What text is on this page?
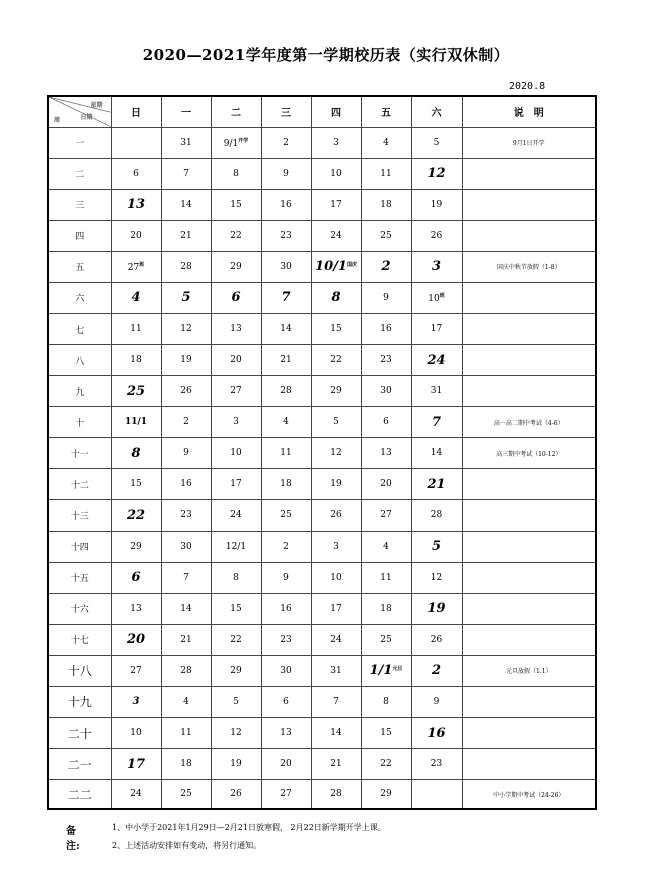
2020—2021学年度第一学期校历表（实行双休制）
2020.8
星期
日期
周	日	一	二	三	四	五	六	说　明
一		31	$9/1^{开学}$	2	3	4	5	9月1日开学
二	6	7	8	9	10	11	12	
三	13	14	15	16	17	18	19	
四	20	21	22	23	24	25	26	
五	$27^班$	28	29	30	$10/1^{国庆}$	2	3	国庆中秋节放假（1-8）
六	4	5	6	7	8	9	$10^班$	
七	11	12	13	14	15	16	17	
八	18	19	20	21	22	23	24	
九	25	26	27	28	29	30	31	
十	11/1	2	3	4	5	6	7	高一高二期中考试（4-6）
十一	8	9	10	11	12	13	14	高三期中考试（10-12）
十二	15	16	17	18	19	20	21	
十三	22	23	24	25	26	27	28	
十四	29	30	12/1	2	3	4	5	
十五	6	7	8	9	10	11	12	
十六	13	14	15	16	17	18	19	
十七	20	21	22	23	24	25	26	
十八	27	28	29	30	31	$1/1^{元旦}$	2	元旦放假（1.1）
十九	3	4	5	6	7	8	9	
二十	10	11	12	13	14	15	16	
二一	17	18	19	20	21	22	23	
二二	24	25	26	27	28	29		中小学期中考试（24-26）
备注:
1、中小学于2021年1月29日—2月21日放寒假， 2月22日新学期开学上课。
2、上述活动安排如有变动，将另行通知。
